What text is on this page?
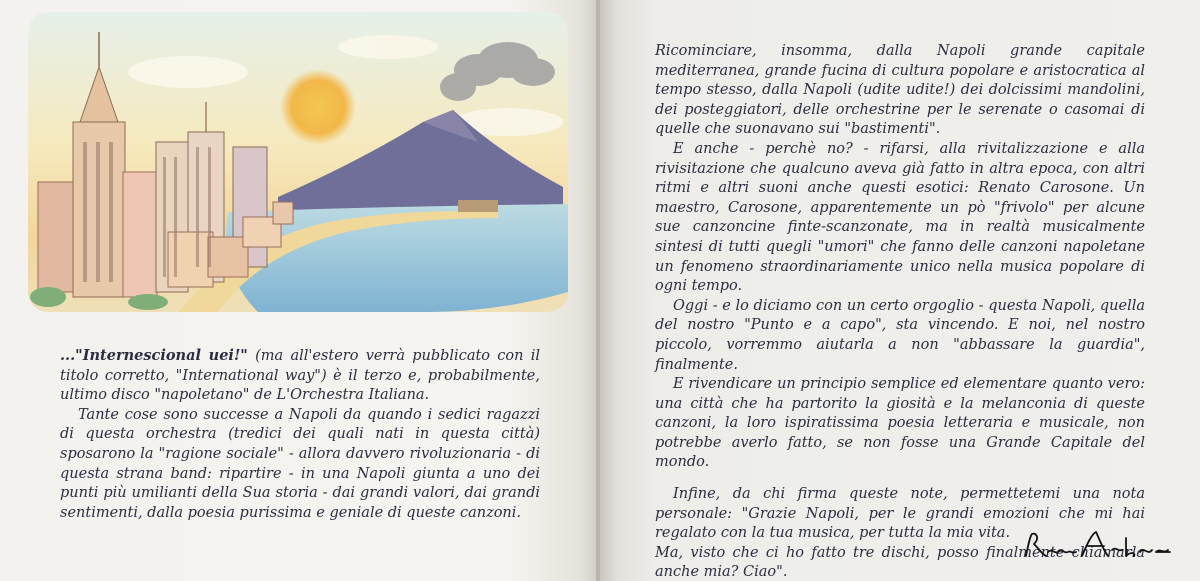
..."Internescional uei!" (ma all'estero verrà pubblicato con il titolo corretto, "International way") è il terzo e, probabilmente, ultimo disco "napoletano" de L'Orchestra Italiana.

Tante cose sono successe a Napoli da quando i sedici ragazzi di questa orchestra (tredici dei quali nati in questa città) sposarono la "ragione sociale" - allora davvero rivoluzionaria - di questa strana band: ripartire - in una Napoli giunta a uno dei punti più umilianti della Sua storia - dai grandi valori, dai grandi sentimenti, dalla poesia purissima e geniale di queste canzoni.

Ricominciare, insomma, dalla Napoli grande capitale mediterranea, grande fucina di cultura popolare e aristocratica al tempo stesso, dalla Napoli (udite udite!) dei dolcissimi mandolini, dei posteggiatori, delle orchestrine per le serenate o casomai di quelle che suonavano sui "bastimenti".

E anche - perchè no? - rifarsi, alla rivitalizzazione e alla rivisitazione che qualcuno aveva già fatto in altra epoca, con altri ritmi e altri suoni anche questi esotici: Renato Carosone. Un maestro, Carosone, apparentemente un pò "frivolo" per alcune sue canzoncine finte-scanzonate, ma in realtà musicalmente sintesi di tutti quegli "umori" che fanno delle canzoni napoletane un fenomeno straordinariamente unico nella musica popolare di ogni tempo.

Oggi - e lo diciamo con un certo orgoglio - questa Napoli, quella del nostro "Punto e a capo", sta vincendo. E noi, nel nostro piccolo, vorremmo aiutarla a non "abbassare la guardia", finalmente.

E rivendicare un principio semplice ed elementare quanto vero: una città che ha partorito la giosità e la melanconia di queste canzoni, la loro ispiratissima poesia letteraria e musicale, non potrebbe averlo fatto, se non fosse una Grande Capitale del mondo.

Infine, da chi firma queste note, permettetemi una nota personale: "Grazie Napoli, per le grandi emozioni che mi hai regalato con la tua musica, per tutta la mia vita.

Ma, visto che ci ho fatto tre dischi, posso finalmente chiamarla anche mia? Ciao".
